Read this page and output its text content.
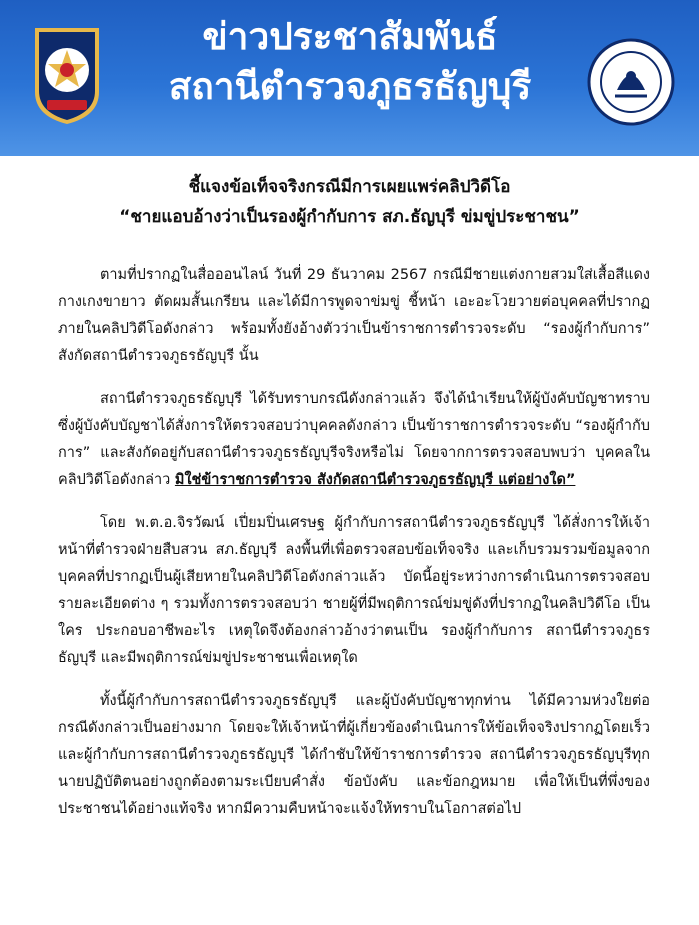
ข่าวประชาสัมพันธ์
สถานีตำรวจภูธรธัญบุรี
ชี้แจงข้อเท็จจริงกรณีมีการเผยแพร่คลิปวิดีโอ
“ชายแอบอ้างว่าเป็นรองผู้กำกับการ สภ.ธัญบุรี ข่มขู่ประชาชน”

ตามที่ปรากฏในสื่อออนไลน์ วันที่ 29 ธันวาคม 2567 กรณีมีชายแต่งกายสวมใส่เสื้อสีแดงกางเกงขายาว ตัดผมสั้นเกรียน และได้มีการพูดจาข่มขู่ ชี้หน้า เอะอะโวยวายต่อบุคคลที่ปรากฏภายในคลิปวิดีโอดังกล่าว พร้อมทั้งยังอ้างตัวว่าเป็นข้าราชการตำรวจระดับ “รองผู้กำกับการ” สังกัดสถานีตำรวจภูธรธัญบุรี นั้น

สถานีตำรวจภูธรธัญบุรี ได้รับทราบกรณีดังกล่าวแล้ว จึงได้นำเรียนให้ผู้บังคับบัญชาทราบ ซึ่งผู้บังคับบัญชาได้สั่งการให้ตรวจสอบว่าบุคคลดังกล่าว เป็นข้าราชการตำรวจระดับ “รองผู้กำกับการ” และสังกัดอยู่กับสถานีตำรวจภูธรธัญบุรีจริงหรือไม่ โดยจากการตรวจสอบพบว่า บุคคลในคลิปวิดีโอดังกล่าว มิใช่ข้าราชการตำรวจ สังกัดสถานีตำรวจภูธรธัญบุรี แต่อย่างใด”

โดย พ.ต.อ.จิรวัฒน์ เปี่ยมปิ่นเศรษฐ ผู้กำกับการสถานีตำรวจภูธรธัญบุรี ได้สั่งการให้เจ้าหน้าที่ตำรวจฝ่ายสืบสวน สภ.ธัญบุรี ลงพื้นที่เพื่อตรวจสอบข้อเท็จจริง และเก็บรวมรวมข้อมูลจากบุคคลที่ปรากฏเป็นผู้เสียหายในคลิปวิดีโอดังกล่าวแล้ว บัดนี้อยู่ระหว่างการดำเนินการตรวจสอบรายละเอียดต่าง ๆ รวมทั้งการตรวจสอบว่า ชายผู้ที่มีพฤติการณ์ข่มขู่ดังที่ปรากฏในคลิปวิดีโอ เป็นใคร ประกอบอาชีพอะไร เหตุใดจึงต้องกล่าวอ้างว่าตนเป็น รองผู้กำกับการ สถานีตำรวจภูธรธัญบุรี และมีพฤติการณ์ข่มขู่ประชาชนเพื่อเหตุใด

ทั้งนี้ผู้กำกับการสถานีตำรวจภูธรธัญบุรี และผู้บังคับบัญชาทุกท่าน ได้มีความห่วงใยต่อกรณีดังกล่าวเป็นอย่างมาก โดยจะให้เจ้าหน้าที่ผู้เกี่ยวข้องดำเนินการให้ข้อเท็จจริงปรากฏโดยเร็ว และผู้กำกับการสถานีตำรวจภูธรธัญบุรี ได้กำชับให้ข้าราชการตำรวจ สถานีตำรวจภูธรธัญบุรีทุกนายปฏิบัติตนอย่างถูกต้องตามระเบียบคำสั่ง ข้อบังคับ และข้อกฎหมาย เพื่อให้เป็นที่พึ่งของประชาชนได้อย่างแท้จริง หากมีความคืบหน้าจะแจ้งให้ทราบในโอกาสต่อไป
